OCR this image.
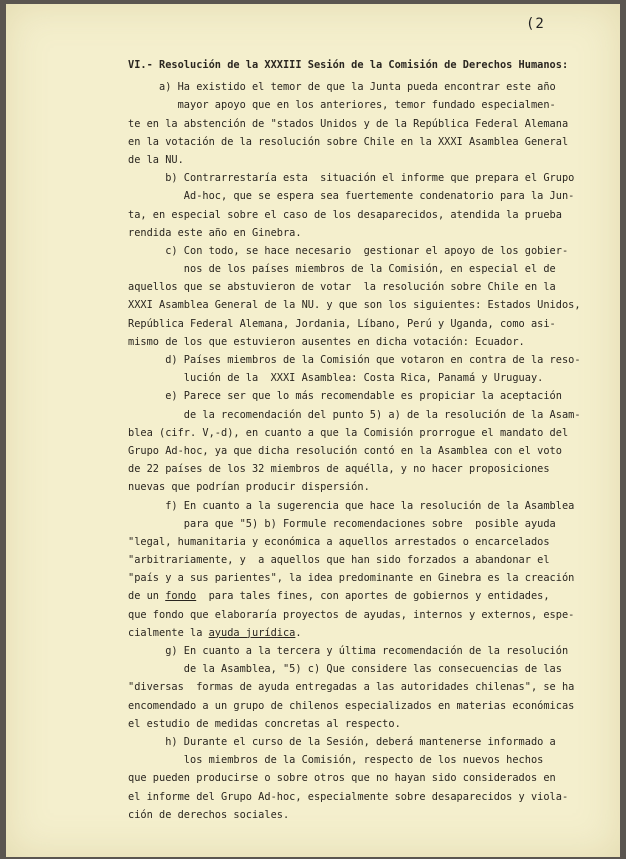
(2
VI.- Resolución de la XXXIII Sesión de la Comisión de Derechos Humanos:
a) Ha existido el temor de que la Junta pueda encontrar este año
mayor apoyo que en los anteriores, temor fundado especialmen-
te en la abstención de "stados Unidos y de la República Federal Alemana
en la votación de la resolución sobre Chile en la XXXI Asamblea General
de la NU.
b) Contrarrestaría esta  situación el informe que prepara el Grupo
Ad-hoc, que se espera sea fuertemente condenatorio para la Jun-
ta, en especial sobre el caso de los desaparecidos, atendida la prueba
rendida este año en Ginebra.
c) Con todo, se hace necesario  gestionar el apoyo de los gobier-
nos de los países miembros de la Comisión, en especial el de
aquellos que se abstuvieron de votar  la resolución sobre Chile en la
XXXI Asamblea General de la NU. y que son los siguientes: Estados Unidos,
República Federal Alemana, Jordania, Líbano, Perú y Uganda, como asi-
mismo de los que estuvieron ausentes en dicha votación: Ecuador.
d) Países miembros de la Comisión que votaron en contra de la reso-
lución de la  XXXI Asamblea: Costa Rica, Panamá y Uruguay.
e) Parece ser que lo más recomendable es propiciar la aceptación
de la recomendación del punto 5) a) de la resolución de la Asam-
blea (cifr. V,-d), en cuanto a que la Comisión prorrogue el mandato del
Grupo Ad-hoc, ya que dicha resolución contó en la Asamblea con el voto
de 22 países de los 32 miembros de aquélla, y no hacer proposiciones
nuevas que podrían producir dispersión.
f) En cuanto a la sugerencia que hace la resolución de la Asamblea
para que "5) b) Formule recomendaciones sobre  posible ayuda
"legal, humanitaria y económica a aquellos arrestados o encarcelados
"arbitrariamente, y  a aquellos que han sido forzados a abandonar el
"país y a sus parientes", la idea predominante en Ginebra es la creación
de un fondo  para tales fines, con aportes de gobiernos y entidades,
que fondo que elaboraría proyectos de ayudas, internos y externos, espe-
cialmente la ayuda jurídica.
g) En cuanto a la tercera y última recomendación de la resolución
de la Asamblea, "5) c) Que considere las consecuencias de las
"diversas  formas de ayuda entregadas a las autoridades chilenas", se ha
encomendado a un grupo de chilenos especializados en materias económicas
el estudio de medidas concretas al respecto.
h) Durante el curso de la Sesión, deberá mantenerse informado a
los miembros de la Comisión, respecto de los nuevos hechos
que pueden producirse o sobre otros que no hayan sido considerados en
el informe del Grupo Ad-hoc, especialmente sobre desaparecidos y viola-
ción de derechos sociales.
